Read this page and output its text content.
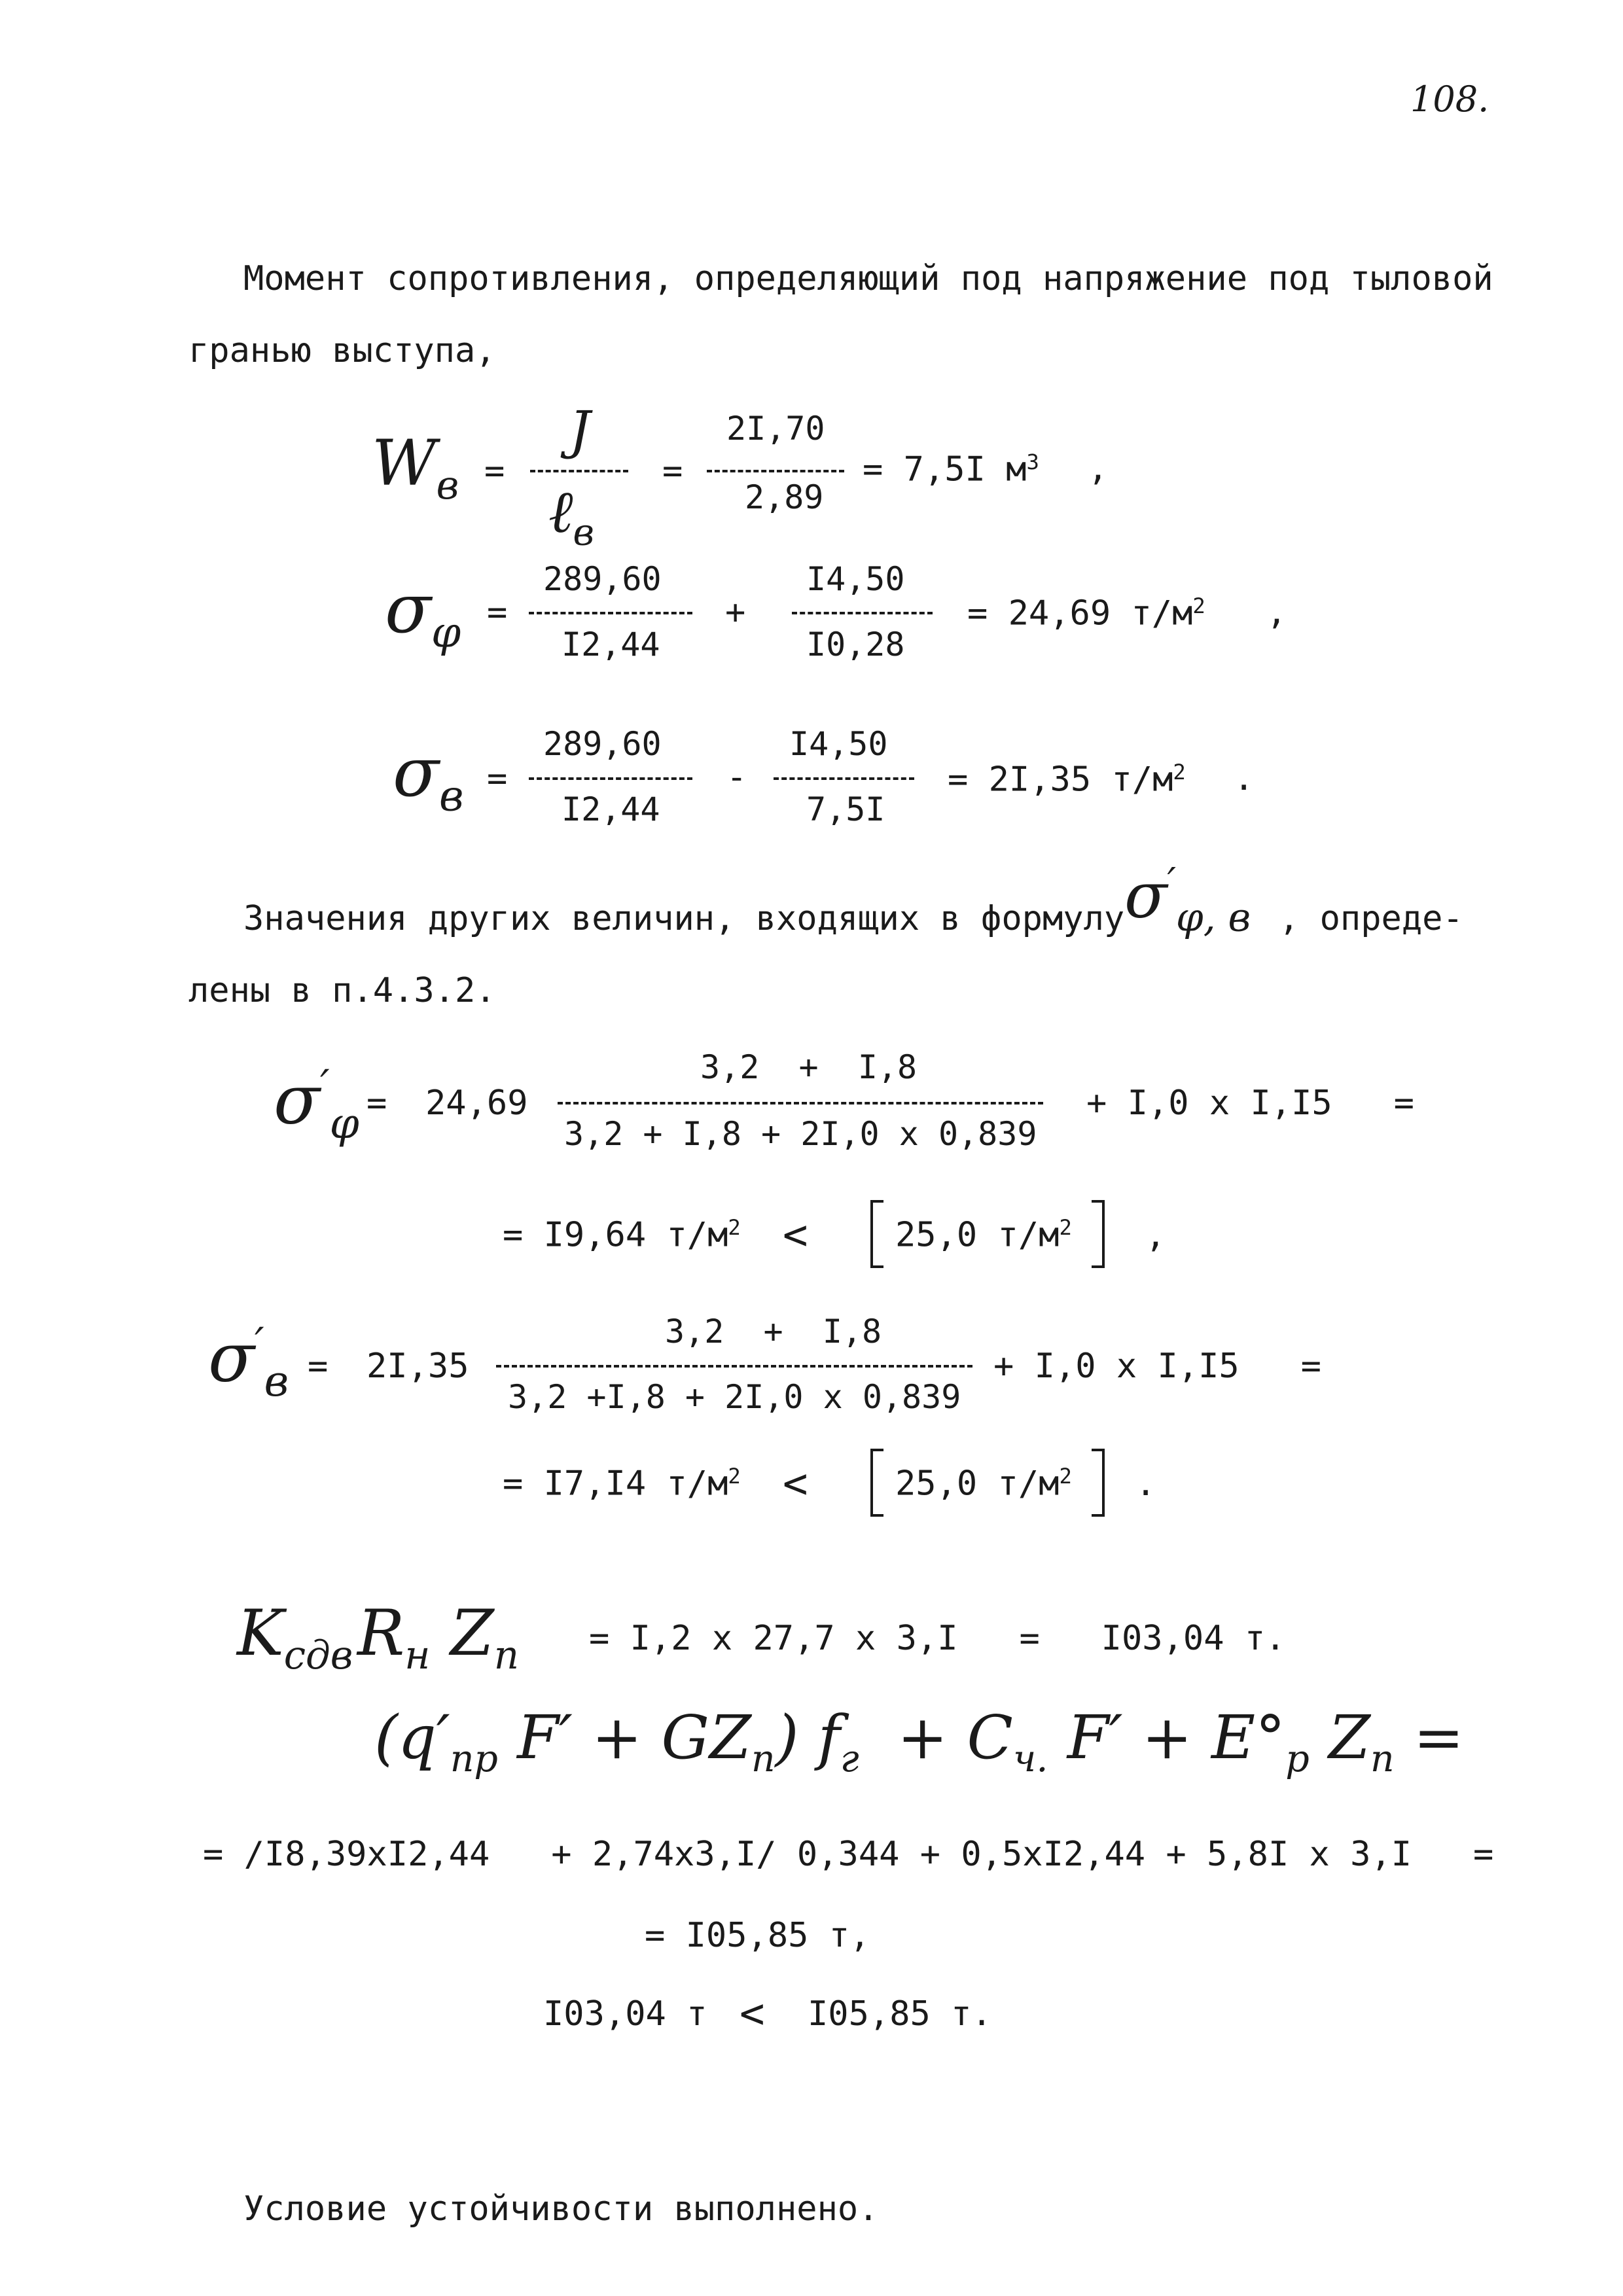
108.
Момент сопротивления, определяющий под напряжение под тыловой
гранью выступа,
$W_в$ =
J
ℓ$_в$
=
2I,70
2,89
= 7,5I $м^3$ ,
$\sigma_\varphi$ =
289,60
I2,44
+
I4,50
I0,28
= 24,69 $т/м^2$ ,
$\sigma_в$ =
289,60
I2,44
-
I4,50
7,5I
= 2I,35 $т/м^2$ .
Значения других величин, входящих в формулу $\sigma'_{\varphi, в}$ , опреде-
лены в п.4.3.2.
$\sigma'_\varphi = 24,69$
3,2  +  I,8
3,2 + I,8 + 2I,0 x 0,839
+ I,0 x I,I5   =
= I9,64 $т/м^2$ <	25,0 $т/м^2$ ,
$\sigma'_в = 2I,35$
3,2  +  I,8
3,2 +I,8 + 2I,0 x 0,839
+ I,0 x I,I5   =
= I7,I4 $т/м^2$ <	25,0 $т/м^2$ .
$K_{сдв}$ $R_н$ $Z_п = I,2$ x 27,7 x 3,I   =   I03,04 т.
($q'_{пр}$ $F' + GZ_п$) $f_г + C_{ч.}$ $F' + E^\circ_р$ $Z_п$ =
= /I8,39xI2,44   + 2,74x3,I/ 0,344 + 0,5xI2,44 + 5,8I x 3,I   =
= I05,85 т,
I03,04 т < I05,85 т.
Условие устойчивости выполнено.
